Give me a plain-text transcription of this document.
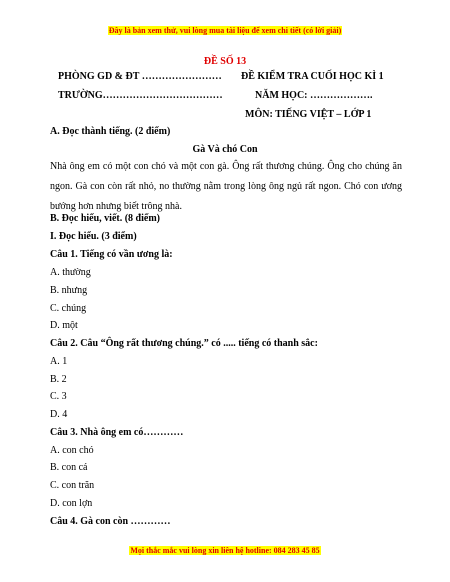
Đây là bản xem thử, vui lòng mua tài liệu để xem chi tiết (có lời giải)
ĐỀ SỐ 13
PHÒNG GD & ĐT …………………… ĐỀ KIỂM TRA CUỐI HỌC KÌ 1
TRƯỜNG………………………………	NĂM HỌC: ……………….
MÔN: TIẾNG VIỆT – LỚP 1
A. Đọc thành tiếng. (2 điểm)
Gà Và chó Con

Nhà ông em có một con chó và một con gà. Ông rất thương chúng. Ông cho chúng ăn ngon. Gà con còn rất nhỏ, no thường nằm trong lòng ông ngủ rất ngon. Chó con ương bướng hơn nhưng biết trông nhà.

B. Đọc hiểu, viết. (8 điểm)
I. Đọc hiểu. (3 điểm)
Câu 1. Tiếng có vần ương là:
A. thường
B. nhưng
C. chúng
D. một
Câu 2. Câu “Ông rất thương chúng.” có ..... tiếng có thanh sắc:
A. 1
B. 2
C. 3
D. 4
Câu 3. Nhà ông em có…………
A. con chó
B. con cá
C. con trăn
D. con lợn
Câu 4. Gà con còn …………
Mọi thắc mắc vui lòng xin liên hệ hotline: 084 283 45 85
